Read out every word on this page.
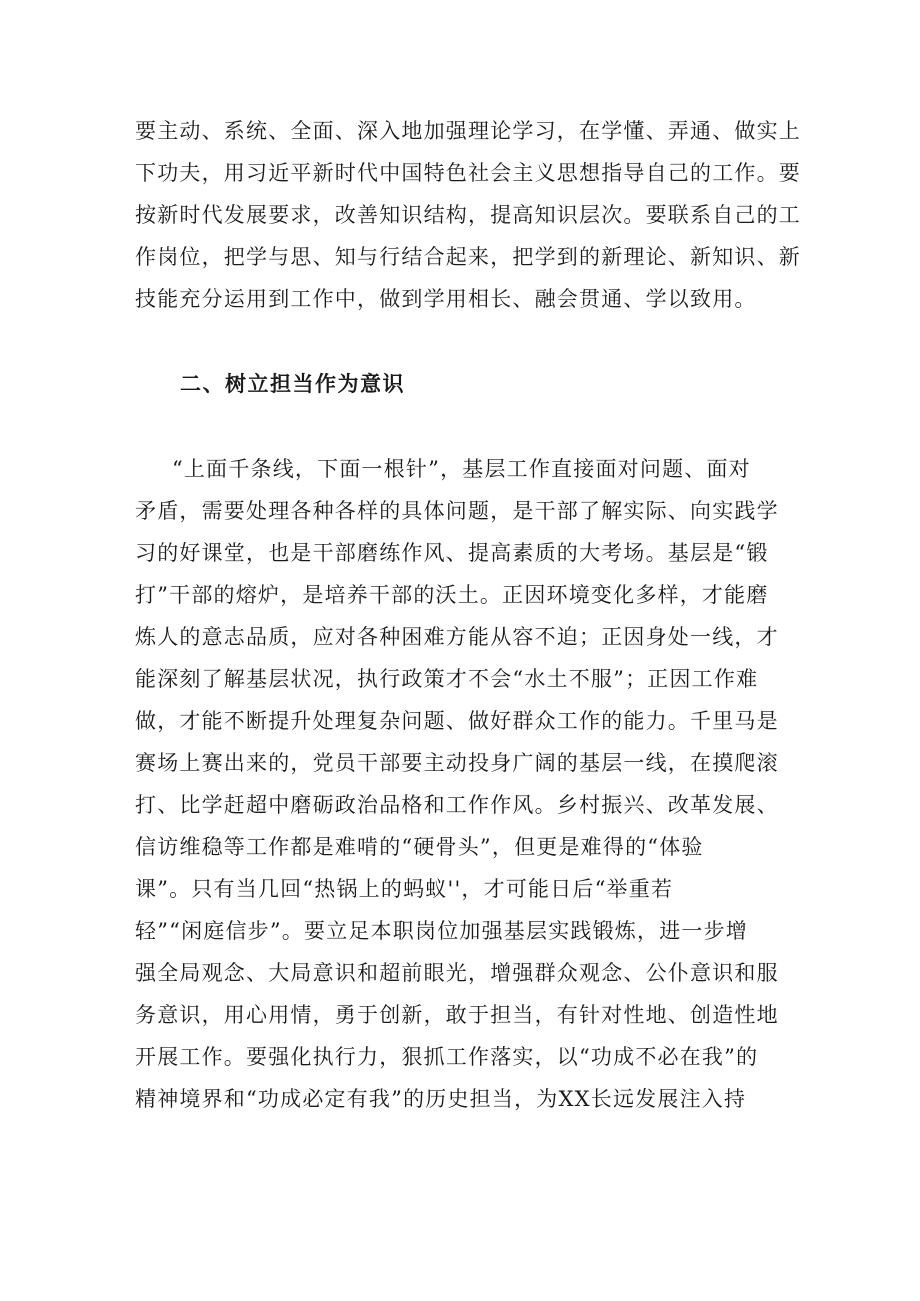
要主动、系统、全面、深入地加强理论学习，在学懂、弄通、做实上
下功夫，用习近平新时代中国特色社会主义思想指导自己的工作。要
按新时代发展要求，改善知识结构，提高知识层次。要联系自己的工
作岗位，把学与思、知与行结合起来，把学到的新理论、新知识、新
技能充分运用到工作中，做到学用相长、融会贯通、学以致用。
二、树立担当作为意识
“上面千条线，下面一根针”，基层工作直接面对问题、面对
矛盾，需要处理各种各样的具体问题，是干部了解实际、向实践学
习的好课堂，也是干部磨练作风、提高素质的大考场。基层是“锻
打”干部的熔炉，是培养干部的沃土。正因环境变化多样，才能磨
炼人的意志品质，应对各种困难方能从容不迫；正因身处一线，才
能深刻了解基层状况，执行政策才不会“水土不服”；正因工作难
做，才能不断提升处理复杂问题、做好群众工作的能力。千里马是
赛场上赛出来的，党员干部要主动投身广阔的基层一线，在摸爬滚
打、比学赶超中磨砺政治品格和工作作风。乡村振兴、改革发展、
信访维稳等工作都是难啃的“硬骨头”，但更是难得的“体验
课”。只有当几回“热锅上的蚂蚁''，才可能日后“举重若
轻”“闲庭信步”。要立足本职岗位加强基层实践锻炼，进一步增
强全局观念、大局意识和超前眼光，增强群众观念、公仆意识和服
务意识，用心用情，勇于创新，敢于担当，有针对性地、创造性地
开展工作。要强化执行力，狠抓工作落实，以“功成不必在我”的
精神境界和“功成必定有我”的历史担当，为XX长远发展注入持
